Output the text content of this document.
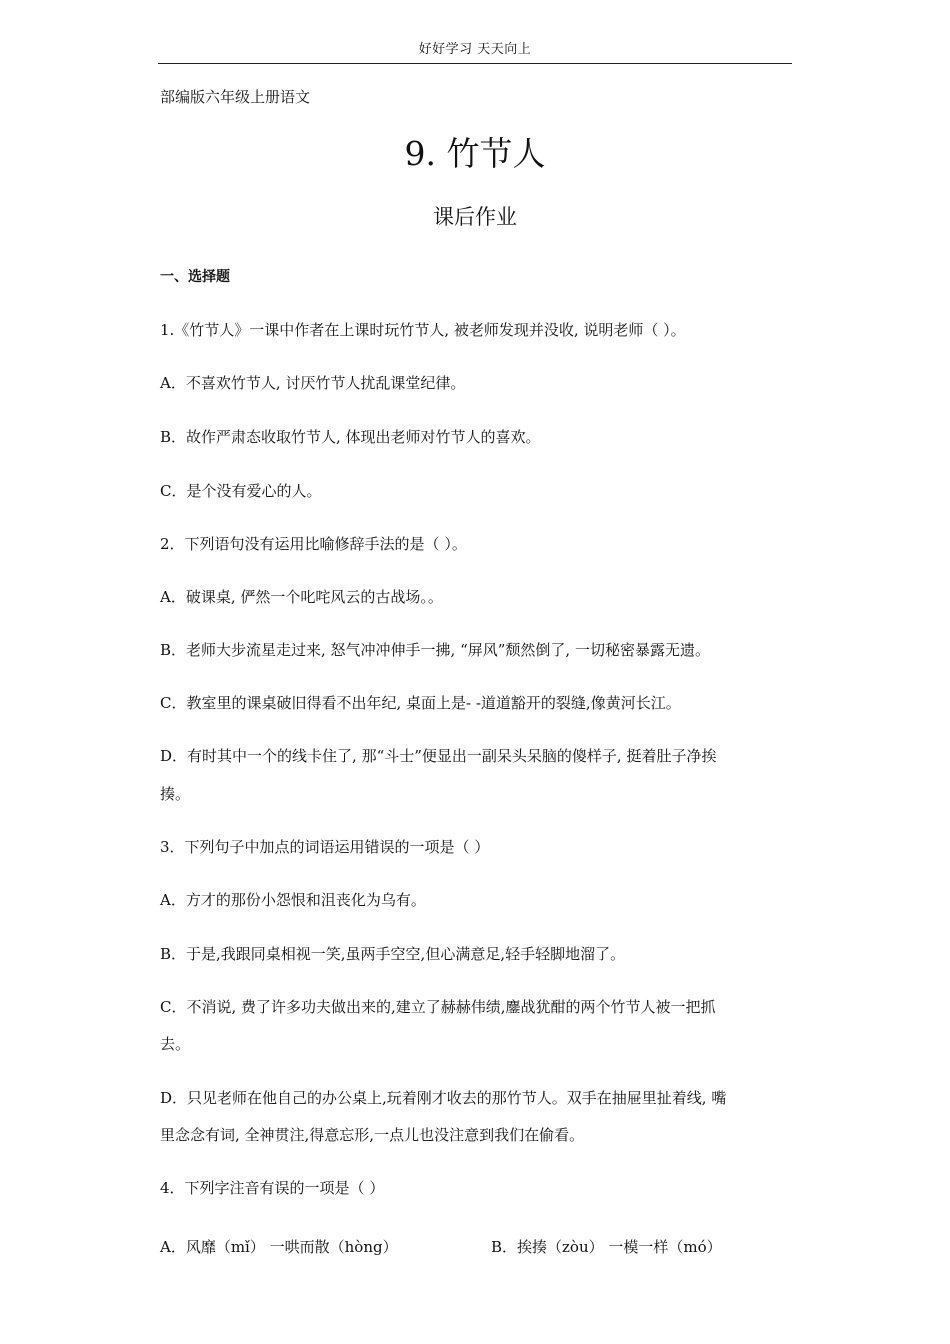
好好学习 天天向上
部编版六年级上册语文
9. 竹节人
课后作业
一、选择题
1.《竹节人》一课中作者在上课时玩竹节人, 被老师发现并没收, 说明老师（ ）。
A．不喜欢竹节人, 讨厌竹节人扰乱课堂纪律。
B．故作严肃态收取竹节人, 体现出老师对竹节人的喜欢。
C．是个没有爱心的人。
2．下列语句没有运用比喻修辞手法的是（ ）。
A．破课桌, 俨然一个叱咤风云的古战场。。
B．老师大步流星走过来, 怒气冲冲伸手一拂, “屏风”颓然倒了, 一切秘密暴露无遗。
C．教室里的课桌破旧得看不出年纪, 桌面上是- -道道豁开的裂缝,像黄河长江。
D．有时其中一个的线卡住了, 那“斗士”便显出一副呆头呆脑的傻样子, 挺着肚子净挨
揍。
3．下列句子中加点的词语运用错误的一项是（ ）
A．方才的那份小怨恨和沮丧化为乌有。
B．于是,我跟同桌相视一笑,虽两手空空,但心满意足,轻手轻脚地溜了。
C．不消说, 费了许多功夫做出来的,建立了赫赫伟绩,鏖战犹酣的两个竹节人被一把抓
去。
D．只见老师在他自己的办公桌上,玩着刚才收去的那竹节人。双手在抽屉里扯着线, 嘴
里念念有词, 全神贯注,得意忘形,一点儿也没注意到我们在偷看。
4．下列字注音有误的一项是（ ）
A．风靡（mǐ） 一哄而散（hòng）	B．挨揍（zòu） 一模一样（mó）
